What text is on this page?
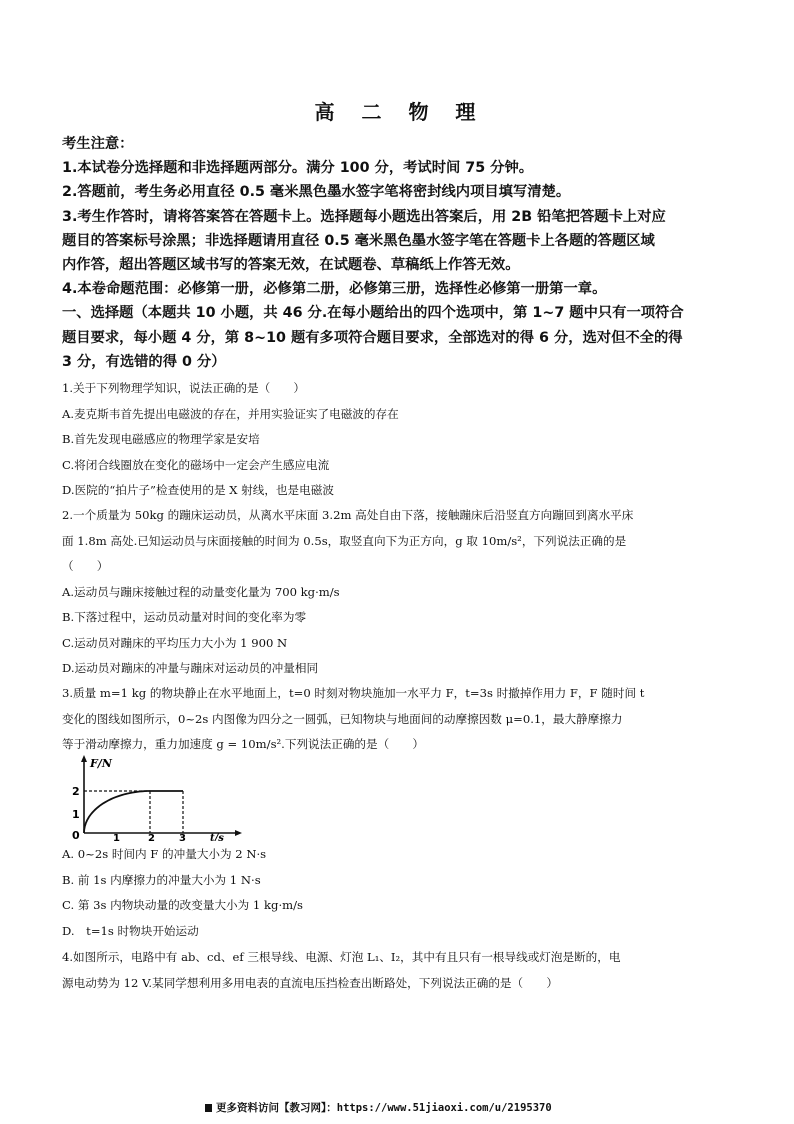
高 二 物 理
考生注意：
1.本试卷分选择题和非选择题两部分。满分 100 分，考试时间 75 分钟。
2.答题前，考生务必用直径 0.5 毫米黑色墨水签字笔将密封线内项目填写清楚。
3.考生作答时，请将答案答在答题卡上。选择题每小题选出答案后，用 2B 铅笔把答题卡上对应
题目的答案标号涂黑；非选择题请用直径 0.5 毫米黑色墨水签字笔在答题卡上各题的答题区域
内作答，超出答题区域书写的答案无效，在试题卷、草稿纸上作答无效。
4.本卷命题范围：必修第一册，必修第二册，必修第三册，选择性必修第一册第一章。
一、选择题（本题共 10 小题，共 46 分.在每小题给出的四个选项中，第 1~7 题中只有一项符合
题目要求，每小题 4 分，第 8~10 题有多项符合题目要求，全部选对的得 6 分，选对但不全的得
3 分，有选错的得 0 分）
1.关于下列物理学知识，说法正确的是（　　）
A.麦克斯韦首先提出电磁波的存在，并用实验证实了电磁波的存在
B.首先发现电磁感应的物理学家是安培
C.将闭合线圈放在变化的磁场中一定会产生感应电流
D.医院的“拍片子”检查使用的是 X 射线，也是电磁波
2.一个质量为 50kg 的蹦床运动员，从离水平床面 3.2m 高处自由下落，接触蹦床后沿竖直方向蹦回到离水平床
面 1.8m 高处.已知运动员与床面接触的时间为 0.5s，取竖直向下为正方向，g 取 10m/s²，下列说法正确的是
（　　）
A.运动员与蹦床接触过程的动量变化量为 700 kg·m/s
B.下落过程中，运动员动量对时间的变化率为零
C.运动员对蹦床的平均压力大小为 1 900 N
D.运动员对蹦床的冲量与蹦床对运动员的冲量相同
3.质量 m=1 kg 的物块静止在水平地面上，t=0 时刻对物块施加一水平力 F，t=3s 时撤掉作用力 F，F 随时间 t
变化的图线如图所示，0~2s 内图像为四分之一圆弧，已知物块与地面间的动摩擦因数 μ=0.1，最大静摩擦力
等于滑动摩擦力，重力加速度 g = 10m/s².下列说法正确的是（　　）
F/N
t/s
2
1
0	1	2 3
A. 0~2s 时间内 F 的冲量大小为 2 N·s
B. 前 1s 内摩擦力的冲量大小为 1 N·s
C. 第 3s 内物块动量的改变量大小为 1 kg·m/s
D.　t=1s 时物块开始运动
4.如图所示，电路中有 ab、cd、ef 三根导线、电源、灯泡 L₁、I₂，其中有且只有一根导线或灯泡是断的，电
源电动势为 12 V.某同学想利用多用电表的直流电压挡检查出断路处，下列说法正确的是（　　）
更多资料访问【教习网】：https://www.51jiaoxi.com/u/2195370
